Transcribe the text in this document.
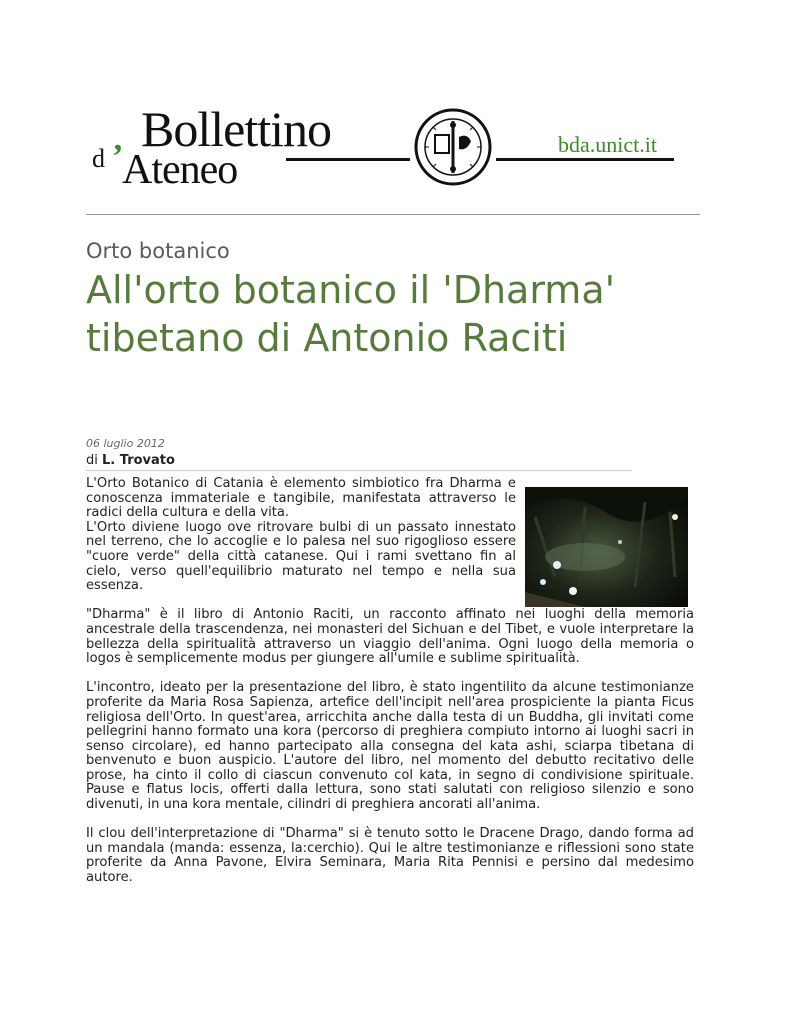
d ’ Bollettino
Ateneo
bda.unict.it
Orto botanico
All'orto botanico il 'Dharma' tibetano di Antonio Raciti
06 luglio 2012
di L. Trovato

L'Orto Botanico di Catania è elemento simbiotico fra Dharma e conoscenza immateriale e tangibile, manifestata attraverso le radici della cultura e della vita.

L'Orto diviene luogo ove ritrovare bulbi di un passato innestato nel terreno, che lo accoglie e lo palesa nel suo rigoglioso essere "cuore verde" della città catanese. Qui i rami svettano fin al cielo, verso quell'equilibrio maturato nel tempo e nella sua essenza.

"Dharma" è il libro di Antonio Raciti, un racconto affinato nei luoghi della memoria ancestrale della trascendenza, nei monasteri del Sichuan e del Tibet, e vuole interpretare la bellezza della spiritualità attraverso un viaggio dell'anima. Ogni luogo della memoria o logos è semplicemente modus per giungere all'umile e sublime spiritualità.

L'incontro, ideato per la presentazione del libro, è stato ingentilito da alcune testimonianze proferite da Maria Rosa Sapienza, artefice dell'incipit nell'area prospiciente la pianta Ficus religiosa dell'Orto. In quest'area, arricchita anche dalla testa di un Buddha, gli invitati come pellegrini hanno formato una kora (percorso di preghiera compiuto intorno ai luoghi sacri in senso circolare), ed hanno partecipato alla consegna del kata ashi, sciarpa tibetana di benvenuto e buon auspicio. L'autore del libro, nel momento del debutto recitativo delle prose, ha cinto il collo di ciascun convenuto col kata, in segno di condivisione spirituale. Pause e flatus locis, offerti dalla lettura, sono stati salutati con religioso silenzio e sono divenuti, in una kora mentale, cilindri di preghiera ancorati all'anima.

Il clou dell'interpretazione di "Dharma" si è tenuto sotto le Dracene Drago, dando forma ad un mandala (manda: essenza, la:cerchio). Qui le altre testimonianze e riflessioni sono state proferite da Anna Pavone, Elvira Seminara, Maria Rita Pennisi e persino dal medesimo autore.
